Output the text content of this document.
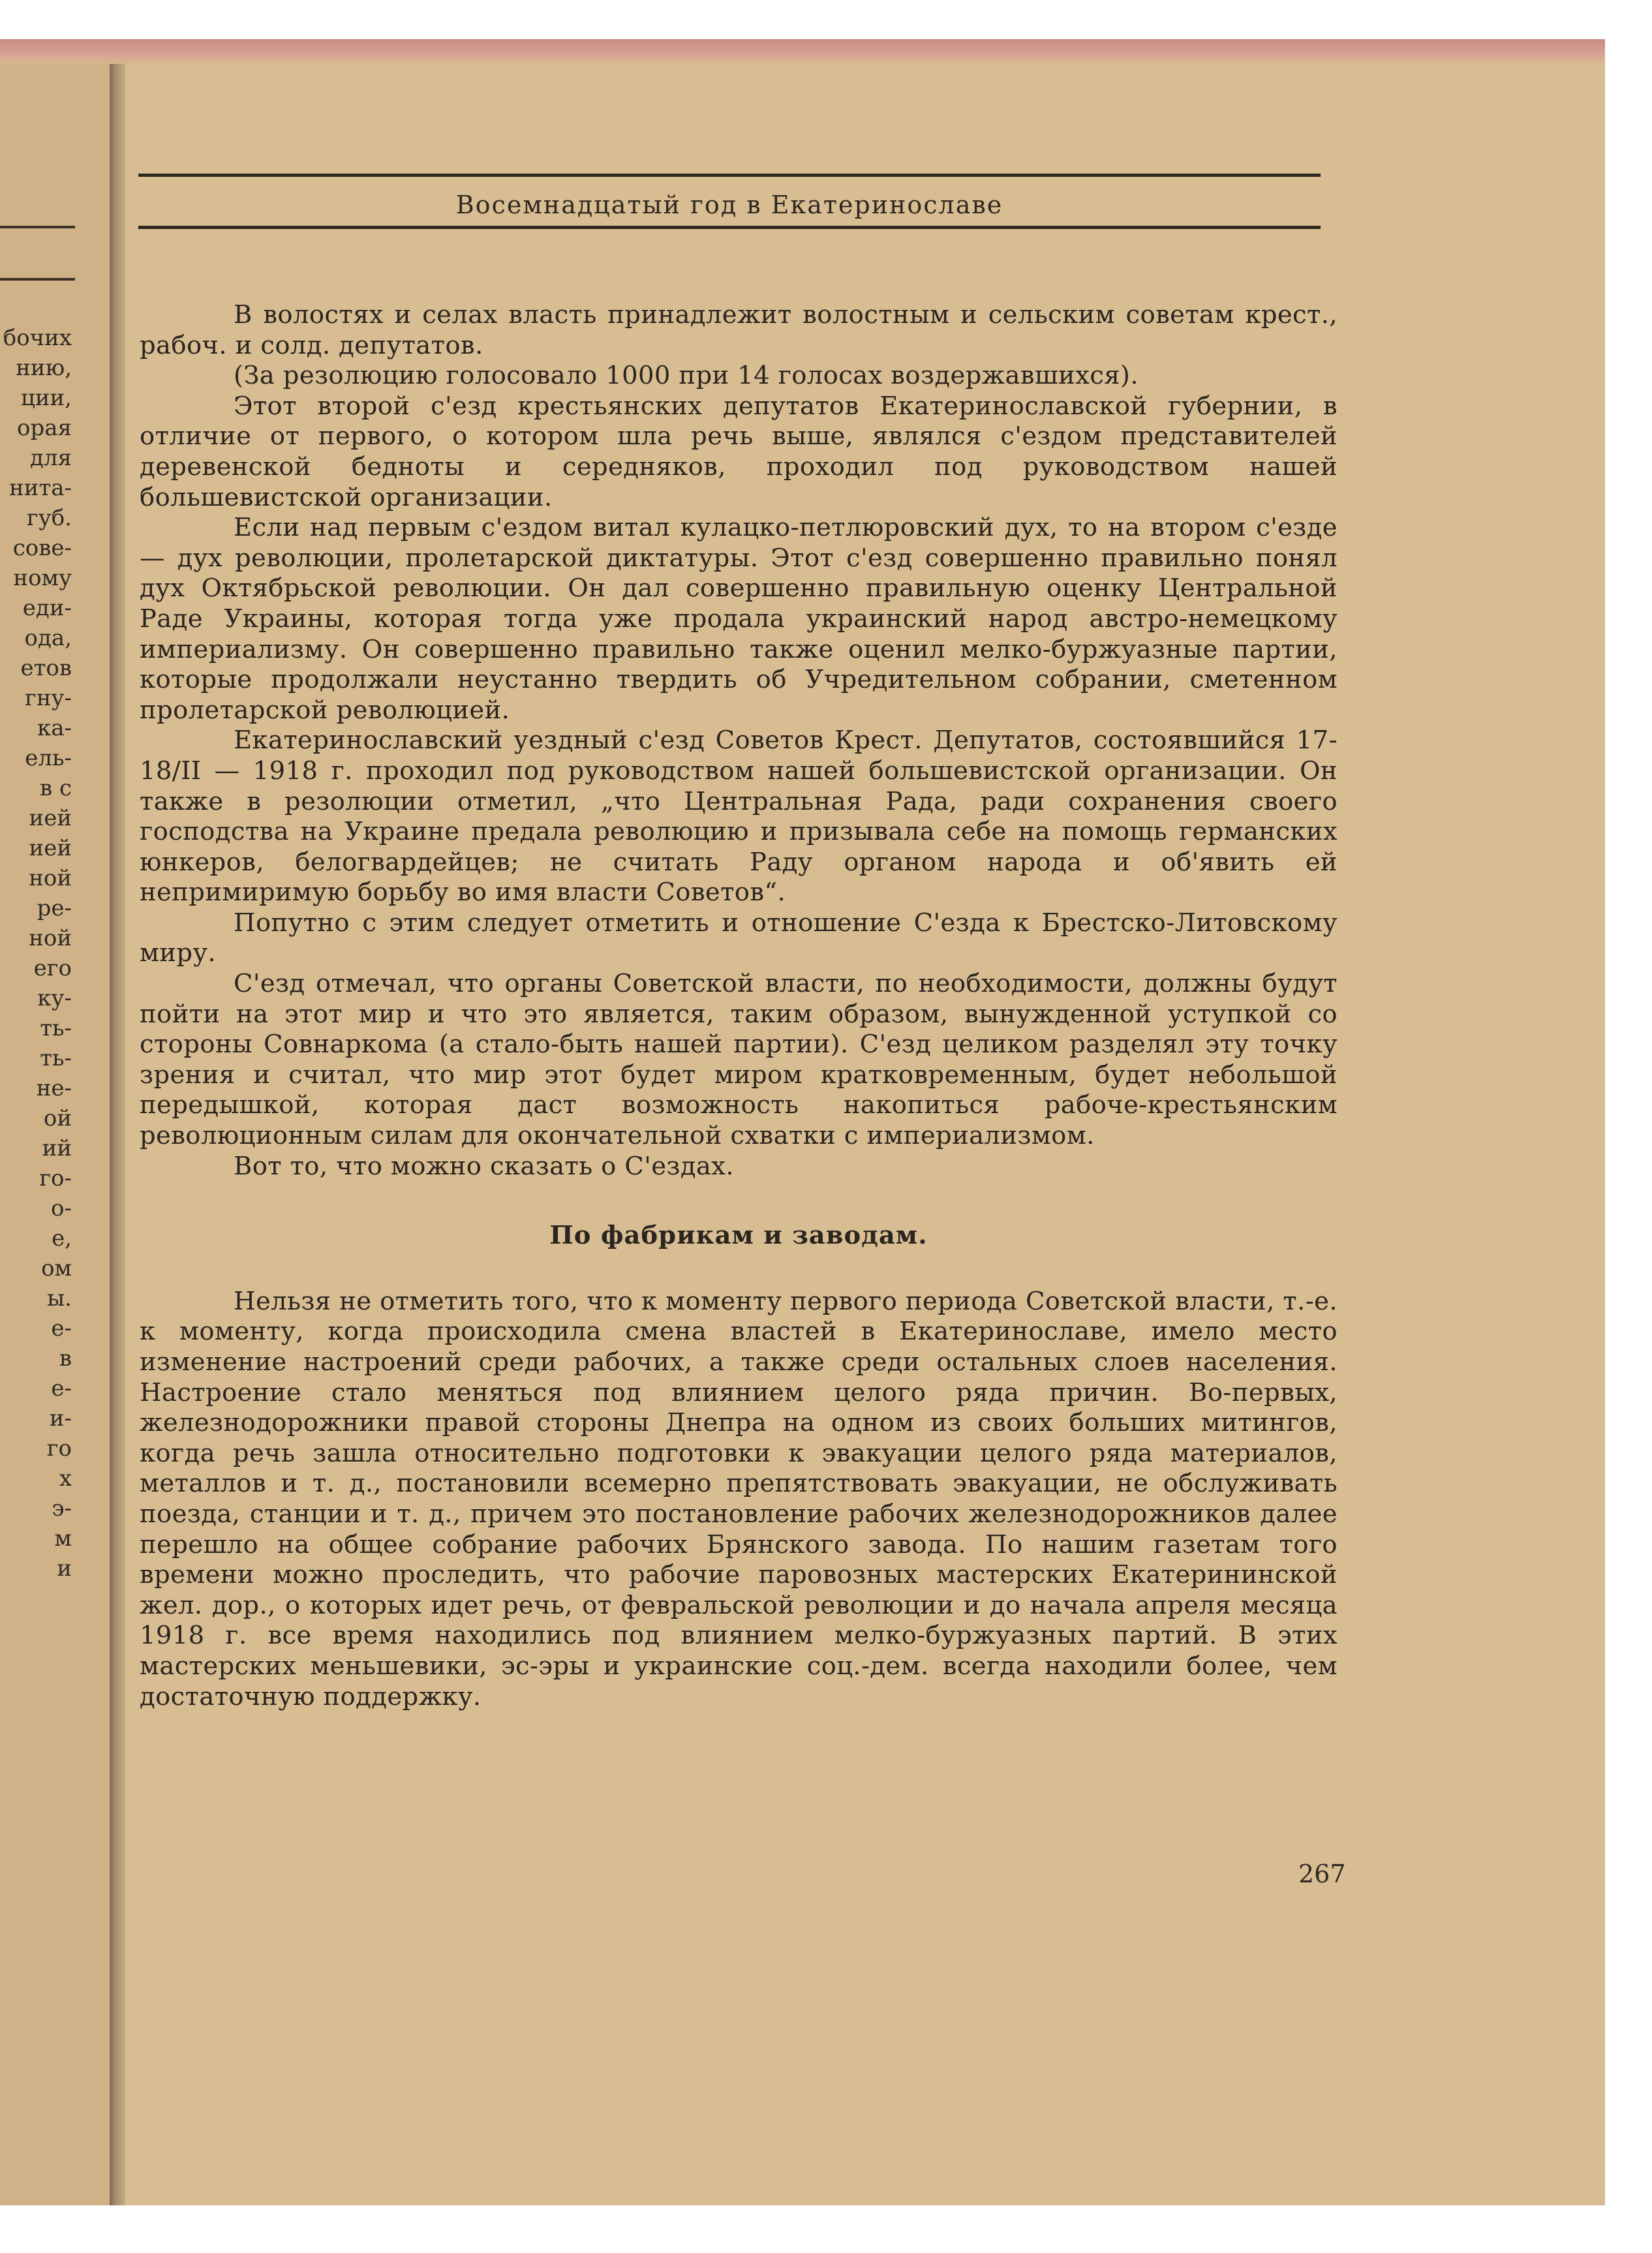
бочих
нию,
ции,
орая
для
нита-
губ.
сове-
ному
еди-
ода,
етов
гну-
ка-
ель-
в с
ией
ией
ной
ре-
ной
его
ку-
ть-
ть-
не-
ой
ий
го-
о-
е,
ом
ы.
е-
в
е-
и-
го
х
э-
м
и
Восемнадцатый год в Екатеринославе

В волостях и селах власть принадлежит волостным и сельским советам крест., рабоч. и солд. депутатов.

(За резолюцию голосовало 1000 при 14 голосах воздержавшихся).

Этот второй с'езд крестьянских депутатов Екатеринославской губернии, в отличие от первого, о котором шла речь выше, являлся с'ездом представителей деревенской бедноты и середняков, проходил под руководством нашей большевистской организации.

Если над первым с'ездом витал кулацко-петлюровский дух, то на втором с'езде — дух революции, пролетарской диктатуры. Этот с'езд совершенно правильно понял дух Октябрьской революции. Он дал совершенно правильную оценку Центральной Раде Украины, которая тогда уже продала украинский народ австро-немецкому империализму. Он совершенно правильно также оценил мелко-буржуазные партии, которые продолжали неустанно твердить об Учредительном собрании, сметенном пролетарской революцией.

Екатеринославский уездный с'езд Советов Крест. Депутатов, состоявшийся 17-18/II — 1918 г. проходил под руководством нашей большевистской организации. Он также в резолюции отметил, „что Центральная Рада, ради сохранения своего господства на Украине предала революцию и призывала себе на помощь германских юнкеров, белогвардейцев; не считать Раду органом народа и об'явить ей непримиримую борьбу во имя власти Советов“.

Попутно с этим следует отметить и отношение С'езда к Брестско-Литовскому миру.

С'езд отмечал, что органы Советской власти, по необходимости, должны будут пойти на этот мир и что это является, таким образом, вынужденной уступкой со стороны Совнаркома (а стало-быть нашей партии). С'езд целиком разделял эту точку зрения и считал, что мир этот будет миром кратковременным, будет небольшой передышкой, которая даст возможность накопиться рабоче-крестьянским революционным силам для окончательной схватки с империализмом.

Вот то, что можно сказать о С'ездах.

По фабрикам и заводам.

Нельзя не отметить того, что к моменту первого периода Советской власти, т.-е. к моменту, когда происходила смена властей в Екатеринославе, имело место изменение настроений среди рабочих, а также среди остальных слоев населения. Настроение стало меняться под влиянием целого ряда причин. Во-первых, железнодорожники правой стороны Днепра на одном из своих больших митингов, когда речь зашла относительно подготовки к эвакуации целого ряда материалов, металлов и т. д., постановили всемерно препятствовать эвакуации, не обслуживать поезда, станции и т. д., причем это постановление рабочих железнодорожников далее перешло на общее собрание рабочих Брянского завода. По нашим газетам того времени можно проследить, что рабочие паровозных мастерских Екатерининской жел. дор., о которых идет речь, от февральской революции и до начала апреля месяца 1918 г. все время находились под влиянием мелко-буржуазных партий. В этих мастерских меньшевики, эс-эры и украинские соц.-дем. всегда находили более, чем достаточную поддержку.

267
